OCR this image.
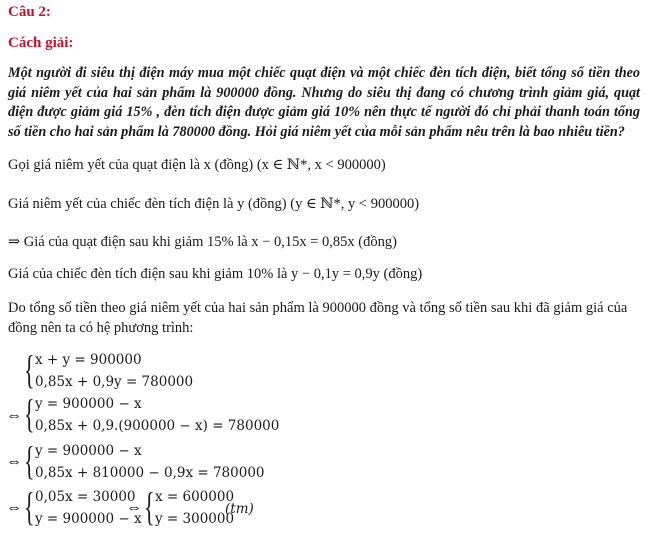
Câu 2:
Cách giải:
Một người đi siêu thị điện máy mua một chiếc quạt điện và một chiếc đèn tích điện, biết tổng số tiền theo giá niêm yết của hai sản phẩm là 900000 đồng. Nhưng do siêu thị đang có chương trình giảm giá, quạt điện được giảm giá 15% , đèn tích điện được giảm giá 10% nên thực tế người đó chỉ phải thanh toán tổng số tiền cho hai sản phẩm là 780000 đồng. Hỏi giá niêm yết của mỗi sản phẩm nêu trên là bao nhiêu tiền?
Gọi giá niêm yết của quạt điện là x (đồng) (x ∈ ℕ*, x < 900000)
Giá niêm yết của chiếc đèn tích điện là y (đồng) (y ∈ ℕ*, y < 900000)
⇒ Giá của quạt điện sau khi giảm 15% là x − 0,15x = 0,85x (đồng)
Giá của chiếc đèn tích điện sau khi giảm 10% là y − 0,1y = 0,9y (đồng)
Do tổng số tiền theo giá niêm yết của hai sản phẩm là 900000 đồng và tổng số tiền sau khi đã giảm giá của
đồng nên ta có hệ phương trình:
{ x + y = 900000
0,85x + 0,9y = 780000
⇔ { y = 900000 − x
0,85x + 0,9.(900000 − x) = 780000
⇔ { y = 900000 − x
0,85x + 810000 − 0,9x = 780000
⇔ { 0,05x = 30000
y = 900000 − x
⇔ { x = 600000
y = 300000
(tm)
